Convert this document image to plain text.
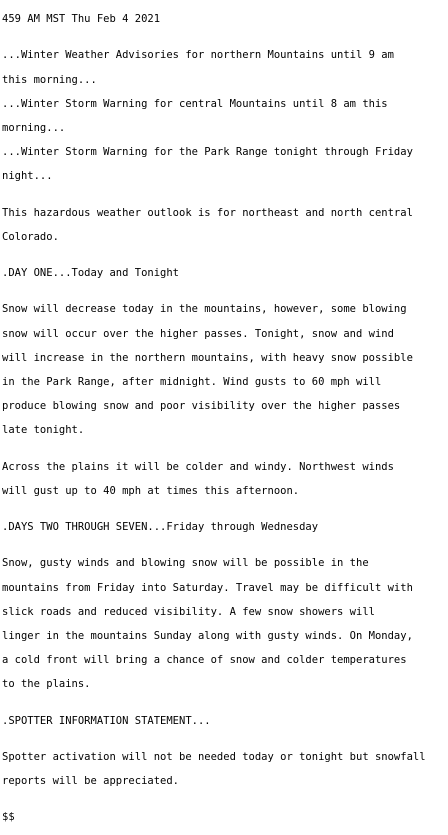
459 AM MST Thu Feb 4 2021

...Winter Weather Advisories for northern Mountains until 9 am

this morning...

...Winter Storm Warning for central Mountains until 8 am this

morning...

...Winter Storm Warning for the Park Range tonight through Friday

night...

This hazardous weather outlook is for northeast and north central

Colorado.

.DAY ONE...Today and Tonight

Snow will decrease today in the mountains, however, some blowing

snow will occur over the higher passes. Tonight, snow and wind

will increase in the northern mountains, with heavy snow possible

in the Park Range, after midnight. Wind gusts to 60 mph will

produce blowing snow and poor visibility over the higher passes

late tonight.

Across the plains it will be colder and windy. Northwest winds

will gust up to 40 mph at times this afternoon.

.DAYS TWO THROUGH SEVEN...Friday through Wednesday

Snow, gusty winds and blowing snow will be possible in the

mountains from Friday into Saturday. Travel may be difficult with

slick roads and reduced visibility. A few snow showers will

linger in the mountains Sunday along with gusty winds. On Monday,

a cold front will bring a chance of snow and colder temperatures

to the plains.

.SPOTTER INFORMATION STATEMENT...

Spotter activation will not be needed today or tonight but snowfall

reports will be appreciated.

$$
